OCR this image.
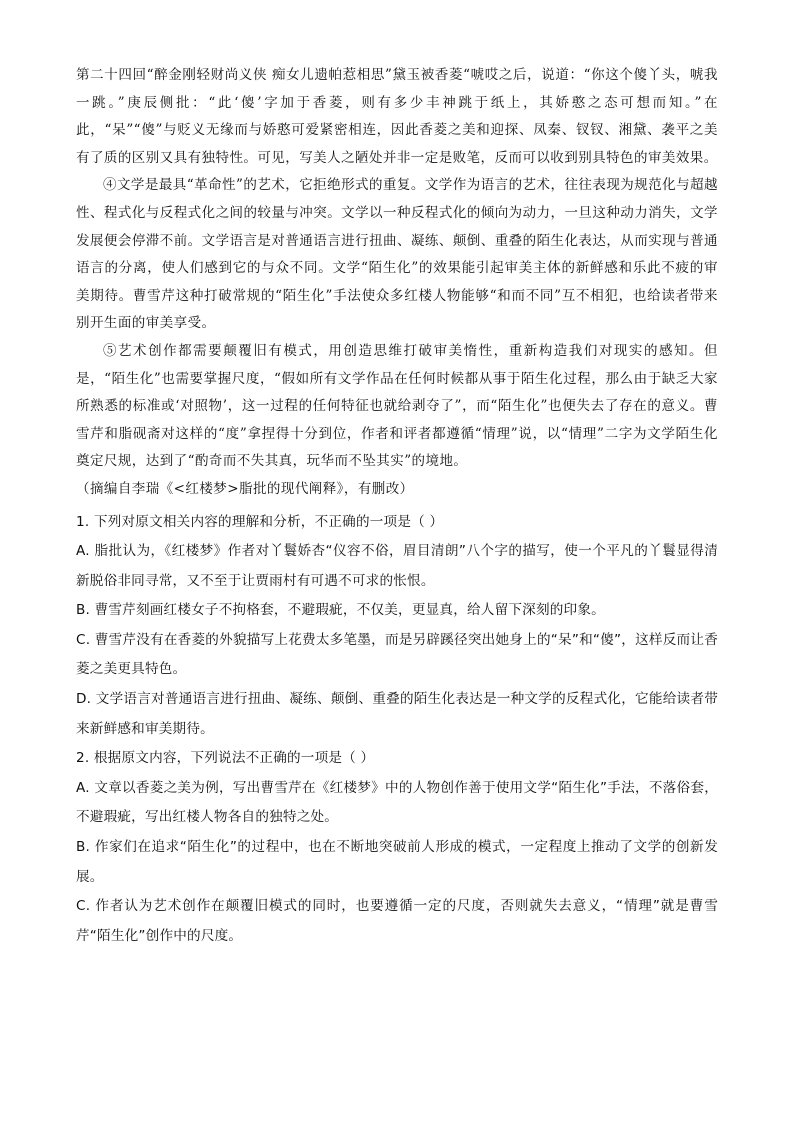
第二十四回“醉金刚轻财尚义侠 痴女儿遗帕惹相思”黛玉被香菱“唬哎之后，说道：“你这个傻丫头，唬我一跳。”庚辰侧批：“此‘傻’字加于香菱，则有多少丰神跳于纸上，其娇憨之态可想而知。”在此，“呆”“傻”与贬义无缘而与娇憨可爱紧密相连，因此香菱之美和迎探、凤秦、钗钗、湘黛、袭平之美有了质的区别又具有独特性。可见，写美人之陋处并非一定是败笔，反而可以收到别具特色的审美效果。

④文学是最具“革命性”的艺术，它拒绝形式的重复。文学作为语言的艺术，往往表现为规范化与超越性、程式化与反程式化之间的较量与冲突。文学以一种反程式化的倾向为动力，一旦这种动力消失，文学发展便会停滞不前。文学语言是对普通语言进行扭曲、凝练、颠倒、重叠的陌生化表达，从而实现与普通语言的分离，使人们感到它的与众不同。文学“陌生化”的效果能引起审美主体的新鲜感和乐此不疲的审美期待。曹雪芹这种打破常规的“陌生化”手法使众多红楼人物能够“和而不同”互不相犯，也给读者带来别开生面的审美享受。

⑤艺术创作都需要颠覆旧有模式，用创造思维打破审美惰性，重新构造我们对现实的感知。但是，“陌生化”也需要掌握尺度，“假如所有文学作品在任何时候都从事于陌生化过程，那么由于缺乏大家所熟悉的标准或‘对照物’，这一过程的任何特征也就给剥夺了”，而“陌生化”也便失去了存在的意义。曹雪芹和脂砚斋对这样的“度”拿捏得十分到位，作者和评者都遵循“情理”说，以“情理”二字为文学陌生化奠定尺规，达到了“酌奇而不失其真，玩华而不坠其实”的境地。

（摘编自李瑞《<红楼梦>脂批的现代阐释》，有删改）

1. 下列对原文相关内容的理解和分析，不正确的一项是（ ）

A. 脂批认为，《红楼梦》作者对丫鬟娇杏“仪容不俗，眉目清朗”八个字的描写，使一个平凡的丫鬟显得清新脱俗非同寻常，又不至于让贾雨村有可遇不可求的怅恨。

B. 曹雪芹刻画红楼女子不拘格套，不避瑕疵，不仅美，更显真，给人留下深刻的印象。

C. 曹雪芹没有在香菱的外貌描写上花费太多笔墨，而是另辟蹊径突出她身上的“呆”和“傻”，这样反而让香菱之美更具特色。

D. 文学语言对普通语言进行扭曲、凝练、颠倒、重叠的陌生化表达是一种文学的反程式化，它能给读者带来新鲜感和审美期待。

2. 根据原文内容，下列说法不正确的一项是（ ）

A. 文章以香菱之美为例，写出曹雪芹在《红楼梦》中的人物创作善于使用文学“陌生化”手法，不落俗套，不避瑕疵，写出红楼人物各自的独特之处。

B. 作家们在追求“陌生化”的过程中，也在不断地突破前人形成的模式，一定程度上推动了文学的创新发展。

C. 作者认为艺术创作在颠覆旧模式的同时，也要遵循一定的尺度，否则就失去意义，“情理”就是曹雪芹“陌生化”创作中的尺度。
